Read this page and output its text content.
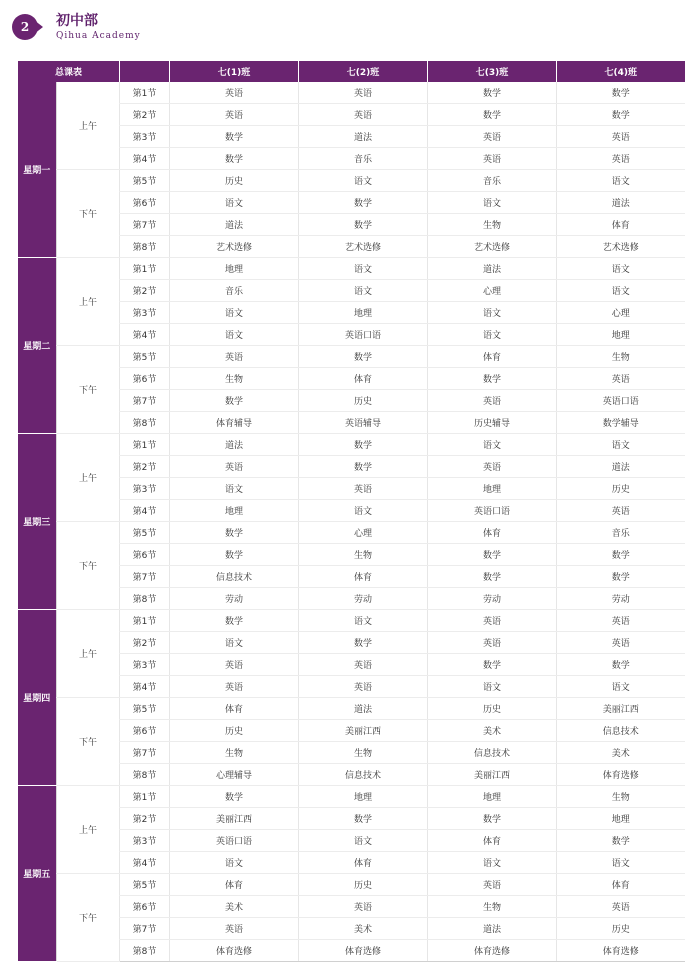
2	初中部
Qihua Academy
总课表			七(1)班	七(2)班	七(3)班	七(4)班
星期一	上午	第1节	英语	英语	数学	数学
		第2节	英语	英语	数学	数学
		第3节	数学	道法	英语	英语
		第4节	数学	音乐	英语	英语
	下午	第5节	历史	语文	音乐	语文
		第6节	语文	数学	语文	道法
		第7节	道法	数学	生物	体育
		第8节	艺术选修	艺术选修	艺术选修	艺术选修
星期二	上午	第1节	地理	语文	道法	语文
		第2节	音乐	语文	心理	语文
		第3节	语文	地理	语文	心理
		第4节	语文	英语口语	语文	地理
	下午	第5节	英语	数学	体育	生物
		第6节	生物	体育	数学	英语
		第7节	数学	历史	英语	英语口语
		第8节	体育辅导	英语辅导	历史辅导	数学辅导
星期三	上午	第1节	道法	数学	语文	语文
		第2节	英语	数学	英语	道法
		第3节	语文	英语	地理	历史
		第4节	地理	语文	英语口语	英语
	下午	第5节	数学	心理	体育	音乐
		第6节	数学	生物	数学	数学
		第7节	信息技术	体育	数学	数学
		第8节	劳动	劳动	劳动	劳动
星期四	上午	第1节	数学	语文	英语	英语
		第2节	语文	数学	英语	英语
		第3节	英语	英语	数学	数学
		第4节	英语	英语	语文	语文
	下午	第5节	体育	道法	历史	美丽江西
		第6节	历史	美丽江西	美术	信息技术
		第7节	生物	生物	信息技术	美术
		第8节	心理辅导	信息技术	美丽江西	体育选修
星期五	上午	第1节	数学	地理	地理	生物
		第2节	美丽江西	数学	数学	地理
		第3节	英语口语	语文	体育	数学
		第4节	语文	体育	语文	语文
	下午	第5节	体育	历史	英语	体育
		第6节	美术	英语	生物	英语
		第7节	英语	美术	道法	历史
		第8节	体育选修	体育选修	体育选修	体育选修
